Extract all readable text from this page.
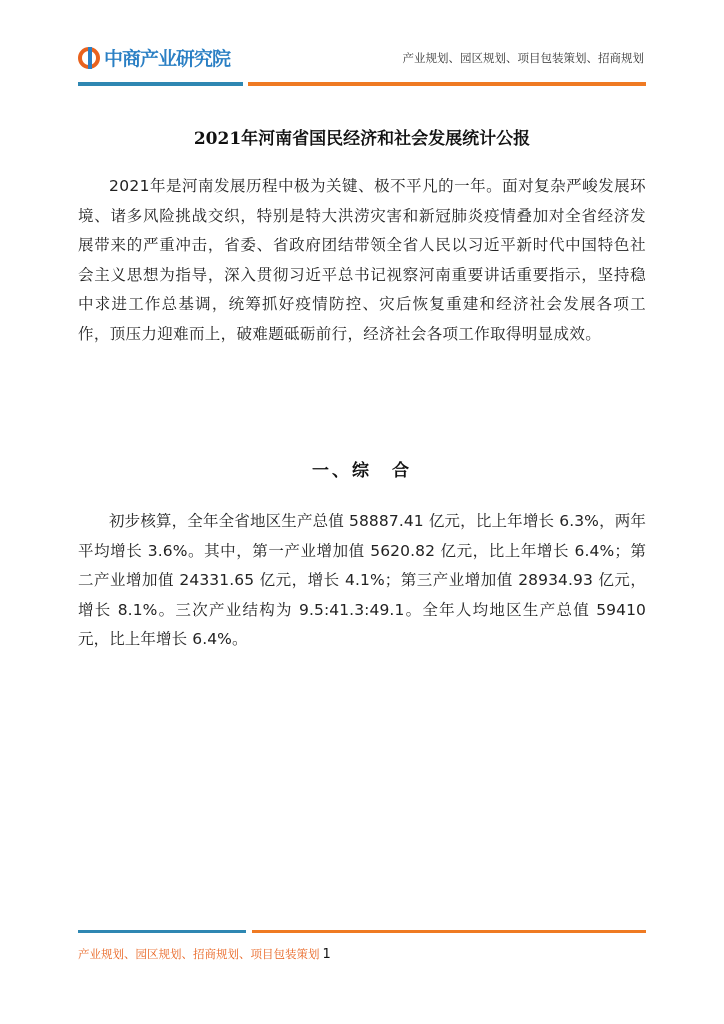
中商产业研究院	产业规划、园区规划、项目包装策划、招商规划
2021年河南省国民经济和社会发展统计公报

2021年是河南发展历程中极为关键、极不平凡的一年。面对复杂严峻发展环境、诸多风险挑战交织，特别是特大洪涝灾害和新冠肺炎疫情叠加对全省经济发展带来的严重冲击，省委、省政府团结带领全省人民以习近平新时代中国特色社会主义思想为指导，深入贯彻习近平总书记视察河南重要讲话重要指示，坚持稳中求进工作总基调，统筹抓好疫情防控、灾后恢复重建和经济社会发展各项工作，顶压力迎难而上，破难题砥砺前行，经济社会各项工作取得明显成效。

一、综　合

初步核算，全年全省地区生产总值 58887.41 亿元，比上年增长 6.3%，两年平均增长 3.6%。其中，第一产业增加值 5620.82 亿元，比上年增长 6.4%；第二产业增加值 24331.65 亿元，增长 4.1%；第三产业增加值 28934.93 亿元，增长 8.1%。三次产业结构为 9.5:41.3:49.1。全年人均地区生产总值 59410 元，比上年增长 6.4%。

产业规划、园区规划、招商规划、项目包装策划 1
